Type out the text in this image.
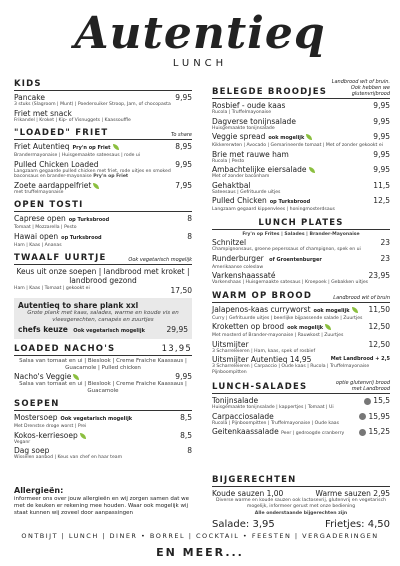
Autentieq
LUNCH
KIDS
Pancake	9,95
3 stuks (Slagroom | Munt) | Poedersuiker Stroop, Jam, of chocopasta
Friet met snack
Frikandel | Kroket | Kip- of Visnuggets | Kaassouffle
"LOADED" FRIET	To share
Friet Autentieq Pry'n op Friet	8,95
Brandermayonaise | Huisgemaakte sateesaus | rode ui
Pulled Chicken Loaded	9,95
Langzaam gegaarde pulled chicken met friet, rode uitjes en smoked baconsaus en brander-mayonaise Pry'n op Friet
Zoete aardappelfriet	7,95
met truffelmayonaise
OPEN TOSTI
Caprese open op Turksbrood	8
Tomaat | Mozzarella | Pesto
Hawai open op Turksbrood	8
Ham | Kaas | Ananas
TWAALF UURTJE	Ook vegetarisch mogelijk
Keus uit onze soepen | landbrood met kroket | landbrood gezond
Ham | Kaas | Tomaat | gekookt ei	17,50
Autentieq to share plank xxl
Grote plank met kaas, salades, warme en koude vis en vleesgerechten, canapés en zuurtjes
chefs keuze Ook vegetarisch mogelijk	29,95
LOADED NACHO'S	13,95
Salsa van tomaat en ui | Bieslook | Creme Fraiche Kaassaus | Guacamole | Pulled chicken
Nacho's Veggie	9,95
Salsa van tomaat en ui | Bieslook | Creme Fraiche Kaassaus | Guacamole
SOEPEN
Mostersoep Ook vegetarisch mogelijk	8,5
Met Drenstse droge worst | Prei
Kokos-kerriesoep	8,5
Veganr
Dag soep	8
Wisselen aanbod | Keus van chef en haar team
Allergieën:

informeer ons over jouw allergieën en wij zorgen samen dat we met de keuken er rekening mee houden. Waar ook mogelijk wij staat kunnen wij zoveel door aanpassingen

BELEGDE BROODJES
Landbrood wit of bruin. Ook hebben we glutenvrijbrood
Rosbief - oude kaas	9,95
Rucola | Truffelmayonaise
Dagverse tonijnsalade	9,95
Huisgemaakte tonijnsalade
Veggie spread ook mogelijk	9,95
Kikkererwten | Avocado | Gemarineerde tomaat | Met of zonder gekookt ei
Brie met rauwe ham	9,95
Rucola | Pesto
Ambachtelijke eiersalade	9,95
Met of zonder baconham
Gehaktbal	11,5
Sateesaus | Gefrituurde uitjes
Pulled Chicken op Turksbrood	12,5
Langzaam gegaard kippenvlees | honingmosterdsaus
LUNCH PLATES
Fry'n op Frites | Salades | Brander-Mayonaise
Schnitzel	23
Champignonsaus, groene peperssaus of champignon, spek en ui
Runderburger of Groentenburger	23
Amerikaanse coleslaw
Varkenshaassaté	23,95
Varkenshaas | Huisgemaakte satesaus | Kroepoek | Gebakken uitjes
WARM OP BROOD	Landbrood wit of bruin
Jalapenos-kaas curryworst ook mogelijk	11,50
Curry | Gefrituurde uitjes | beerlijke bijpassende salade | Zuurtjes
Kroketten op brood ook mogelijk	12,50
Met mosterd of Brander-mayonaise | Rauwkost | Zuurtjes
Uitsmijter	12,50
3 Scharreleieren | Ham, kaas, spek of rosbief
Uitsmijter Autentieq 14,95	Met Landbrood + 2,5
3 Scharreleieren | Carpaccio | Oude kaas | Rucola | Truffelmayonaise Pijnboompitten
LUNCH-SALADES	optie glutenvrij brood met Landbrood
Tonijnsalade	15,5
Huisgemaakte tonijnsalade | kappertjes | Tomaat | Ui
Carpacciosalade	15,95
Rucola | Pijnboompitten | Truffelmayonaise | Oude kaas
Geitenkaassalade Peer | gedroogde cranberry	15,25
BIJGERECHTEN
Koude sauzen 1,00	Warme sauzen 2,95
Diverse warme en koude sauzen ook lactosevrij, glutenvrij en vegetarisch mogelijk, informeer gerust met onze bediening
Alle onderstaande bijgerechten zijn
Salade: 3,95	Frietjes: 4,50
ONTBIJT | LUNCH | DINER • BORREL | COCKTAIL • FEESTEN | VERGADERINGEN
EN MEER...
